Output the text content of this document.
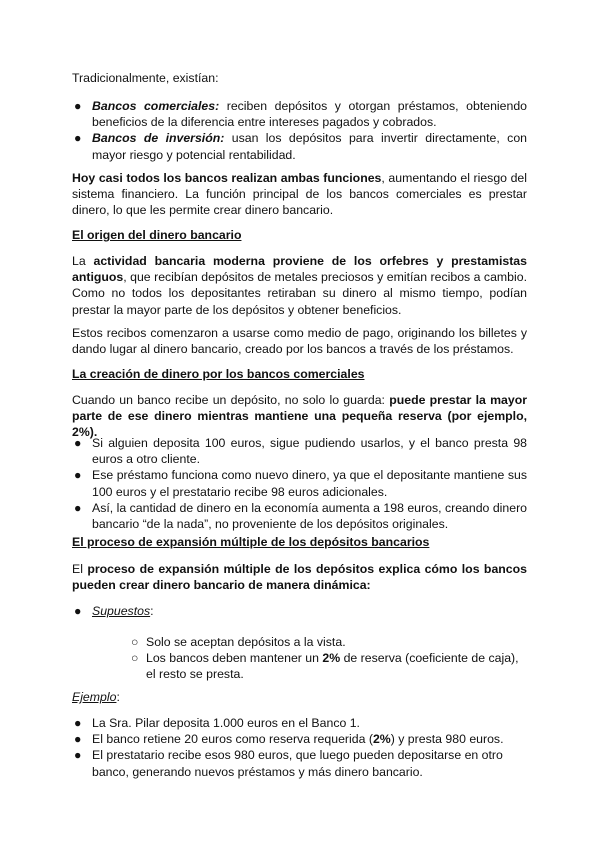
Tradicionalmente, existían:

● Bancos comerciales: reciben depósitos y otorgan préstamos, obteniendo beneficios de la diferencia entre intereses pagados y cobrados.
● Bancos de inversión: usan los depósitos para invertir directamente, con mayor riesgo y potencial rentabilidad.

Hoy casi todos los bancos realizan ambas funciones, aumentando el riesgo del sistema financiero. La función principal de los bancos comerciales es prestar dinero, lo que les permite crear dinero bancario.

El origen del dinero bancario

La actividad bancaria moderna proviene de los orfebres y prestamistas antiguos, que recibían depósitos de metales preciosos y emitían recibos a cambio. Como no todos los depositantes retiraban su dinero al mismo tiempo, podían prestar la mayor parte de los depósitos y obtener beneficios.

Estos recibos comenzaron a usarse como medio de pago, originando los billetes y dando lugar al dinero bancario, creado por los bancos a través de los préstamos.

La creación de dinero por los bancos comerciales

Cuando un banco recibe un depósito, no solo lo guarda: puede prestar la mayor parte de ese dinero mientras mantiene una pequeña reserva (por ejemplo, 2%).

● Si alguien deposita 100 euros, sigue pudiendo usarlos, y el banco presta 98 euros a otro cliente.
● Ese préstamo funciona como nuevo dinero, ya que el depositante mantiene sus 100 euros y el prestatario recibe 98 euros adicionales.
● Así, la cantidad de dinero en la economía aumenta a 198 euros, creando dinero bancario “de la nada”, no proveniente de los depósitos originales.

El proceso de expansión múltiple de los depósitos bancarios

El proceso de expansión múltiple de los depósitos explica cómo los bancos pueden crear dinero bancario de manera dinámica:

● Supuestos:
○ Solo se aceptan depósitos a la vista.
○ Los bancos deben mantener un 2% de reserva (coeficiente de caja), el resto se presta.

Ejemplo:

● La Sra. Pilar deposita 1.000 euros en el Banco 1.
● El banco retiene 20 euros como reserva requerida (2%) y presta 980 euros.
● El prestatario recibe esos 980 euros, que luego pueden depositarse en otro banco, generando nuevos préstamos y más dinero bancario.
